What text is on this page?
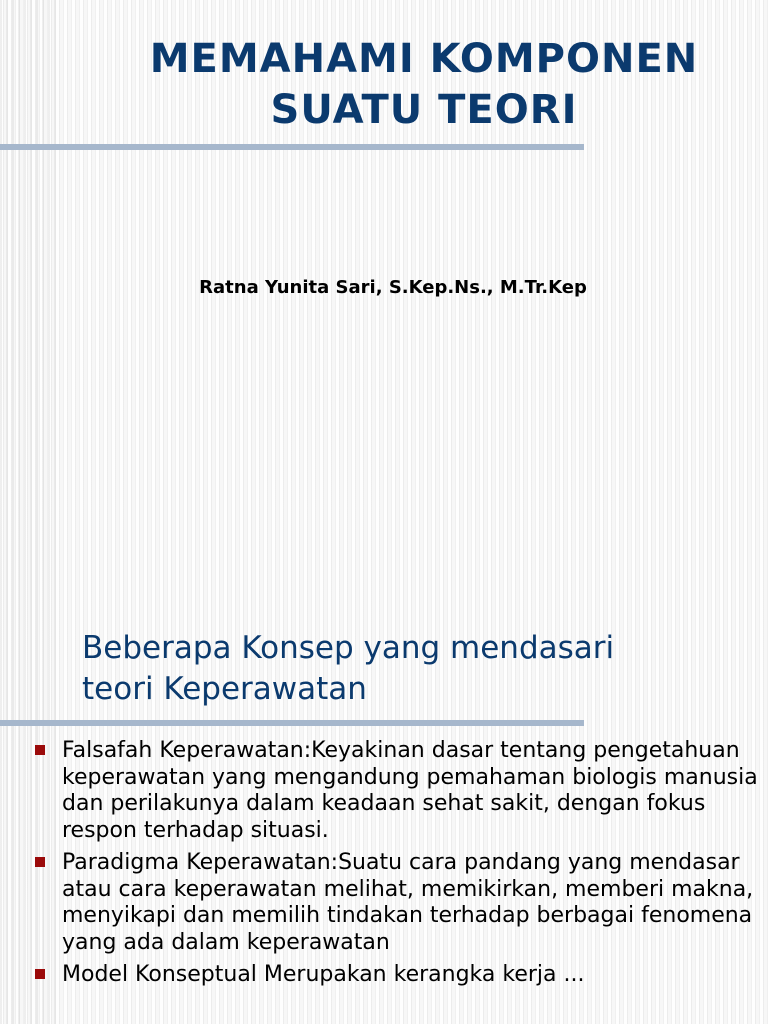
MEMAHAMI KOMPONEN
SUATU TEORI
Ratna Yunita Sari, S.Kep.Ns., M.Tr.Kep
Beberapa Konsep yang mendasari
teori Keperawatan
Falsafah Keperawatan:Keyakinan dasar tentang pengetahuan keperawatan yang mengandung pemahaman biologis manusia dan perilakunya dalam keadaan sehat sakit, dengan fokus respon terhadap situasi.
Paradigma Keperawatan:Suatu cara pandang yang mendasar atau cara keperawatan melihat, memikirkan, memberi makna, menyikapi dan memilih tindakan terhadap berbagai fenomena yang ada dalam keperawatan
Model Konseptual Merupakan kerangka kerja ...
